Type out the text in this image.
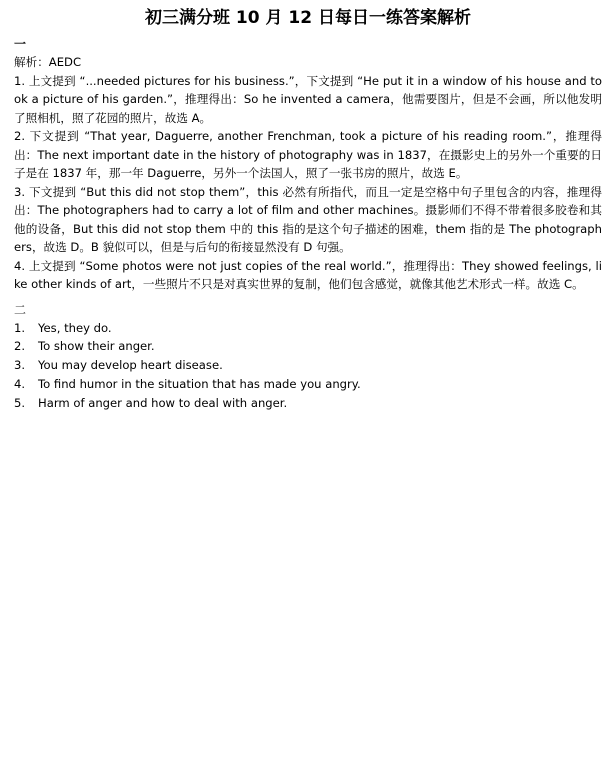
初三满分班 10 月 12 日每日一练答案解析
一

解析：AEDC

1. 上文提到 “...needed pictures for his business.”，下文提到 “He put it in a window of his house and took a picture of his garden.”，推理得出：So he invented a camera，他需要图片，但是不会画，所以他发明了照相机，照了花园的照片，故选 A。

2. 下文提到 “That year, Daguerre, another Frenchman, took a picture of his reading room.”，推理得出：The next important date in the history of photography was in 1837，在摄影史上的另外一个重要的日子是在 1837 年，那一年 Daguerre，另外一个法国人，照了一张书房的照片，故选 E。

3. 下文提到 “But this did not stop them”，this 必然有所指代，而且一定是空格中句子里包含的内容，推理得出：The photographers had to carry a lot of film and other machines。摄影师们不得不带着很多胶卷和其他的设备，But this did not stop them 中的 this 指的是这个句子描述的困难，them 指的是 The photographers，故选 D。B 貌似可以，但是与后句的衔接显然没有 D 句强。

4. 上文提到 “Some photos were not just copies of the real world.”，推理得出：They showed feelings, like other kinds of art，一些照片不只是对真实世界的复制，他们包含感觉，就像其他艺术形式一样。故选 C。

二
1.	Yes, they do.
2.	To show their anger.
3.	You may develop heart disease.
4.	To find humor in the situation that has made you angry.
5.	Harm of anger and how to deal with anger.
